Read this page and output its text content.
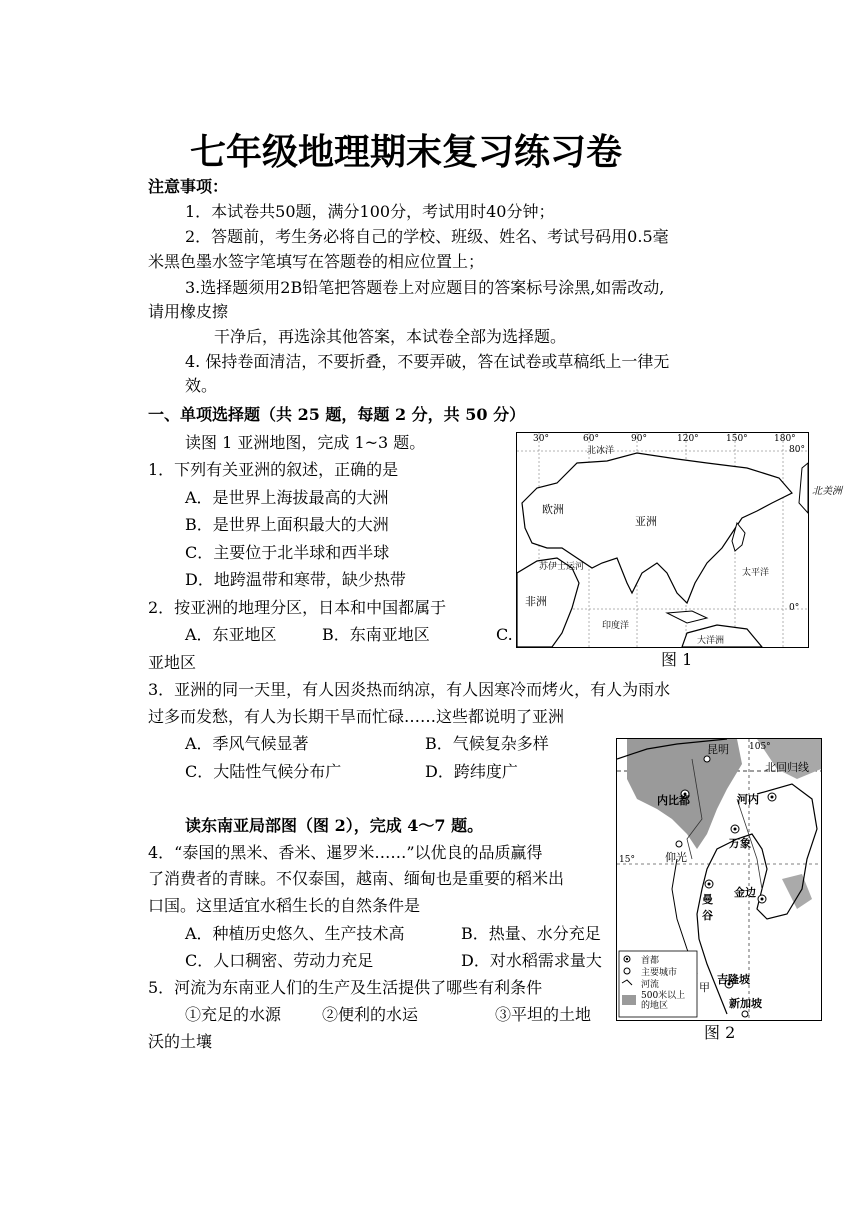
七年级地理期末复习练习卷
注意事项：
1．本试卷共50题，满分100分，考试用时40分钟；
2．答题前，考生务必将自己的学校、班级、姓名、考试号码用0.5毫
米黑色墨水签字笔填写在答题卷的相应位置上；
3.选择题须用2B铅笔把答题卷上对应题目的答案标号涂黑,如需改动,
请用橡皮擦
干净后，再选涂其他答案，本试卷全部为选择题。
4. 保持卷面清洁，不要折叠，不要弄破，答在试卷或草稿纸上一律无
效。
一、单项选择题（共 25 题，每题 2 分，共 50 分）
读图 1 亚洲地图，完成 1~3 题。
1．下列有关亚洲的叙述，正确的是
A．是世界上海拔最高的大洲
B．是世界上面积最大的大洲
C．主要位于北半球和西半球
D．地跨温带和寒带，缺少热带
2．按亚洲的地理分区，日本和中国都属于
A．东亚地区	B．东南亚地区	C.
亚地区
3．亚洲的同一天里，有人因炎热而纳凉，有人因寒冷而烤火，有人为雨水
过多而发愁，有人为长期干旱而忙碌……这些都说明了亚洲
A．季风气候显著	B．气候复杂多样
C．大陆性气候分布广	D．跨纬度广
读东南亚局部图（图 2），完成 4～7 题。
4．“泰国的黑米、香米、暹罗米……”以优良的品质赢得
了消费者的青睐。不仅泰国，越南、缅甸也是重要的稻米出
口国。这里适宜水稻生长的自然条件是
A．种植历史悠久、生产技术高	B．热量、水分充足
C．人口稠密、劳动力充足	D．对水稻需求量大
5．河流为东南亚人们的生产及生活提供了哪些有利条件
①充足的水源	②便利的水运	③平坦的土地
沃的土壤
30°	60°	90°	120°	150°	180°
80°
0°
北冰洋
欧洲
亚洲
苏伊士运河
非洲
太平洋
印度洋
大洋洲
北美洲
图 1
昆明 105°
北回归线
内比都	河内
万象
仰光
15°
曼谷
金边
吉隆坡
甲
新加坡
首都
主要城市
河流
500米以上的地区
图 2
